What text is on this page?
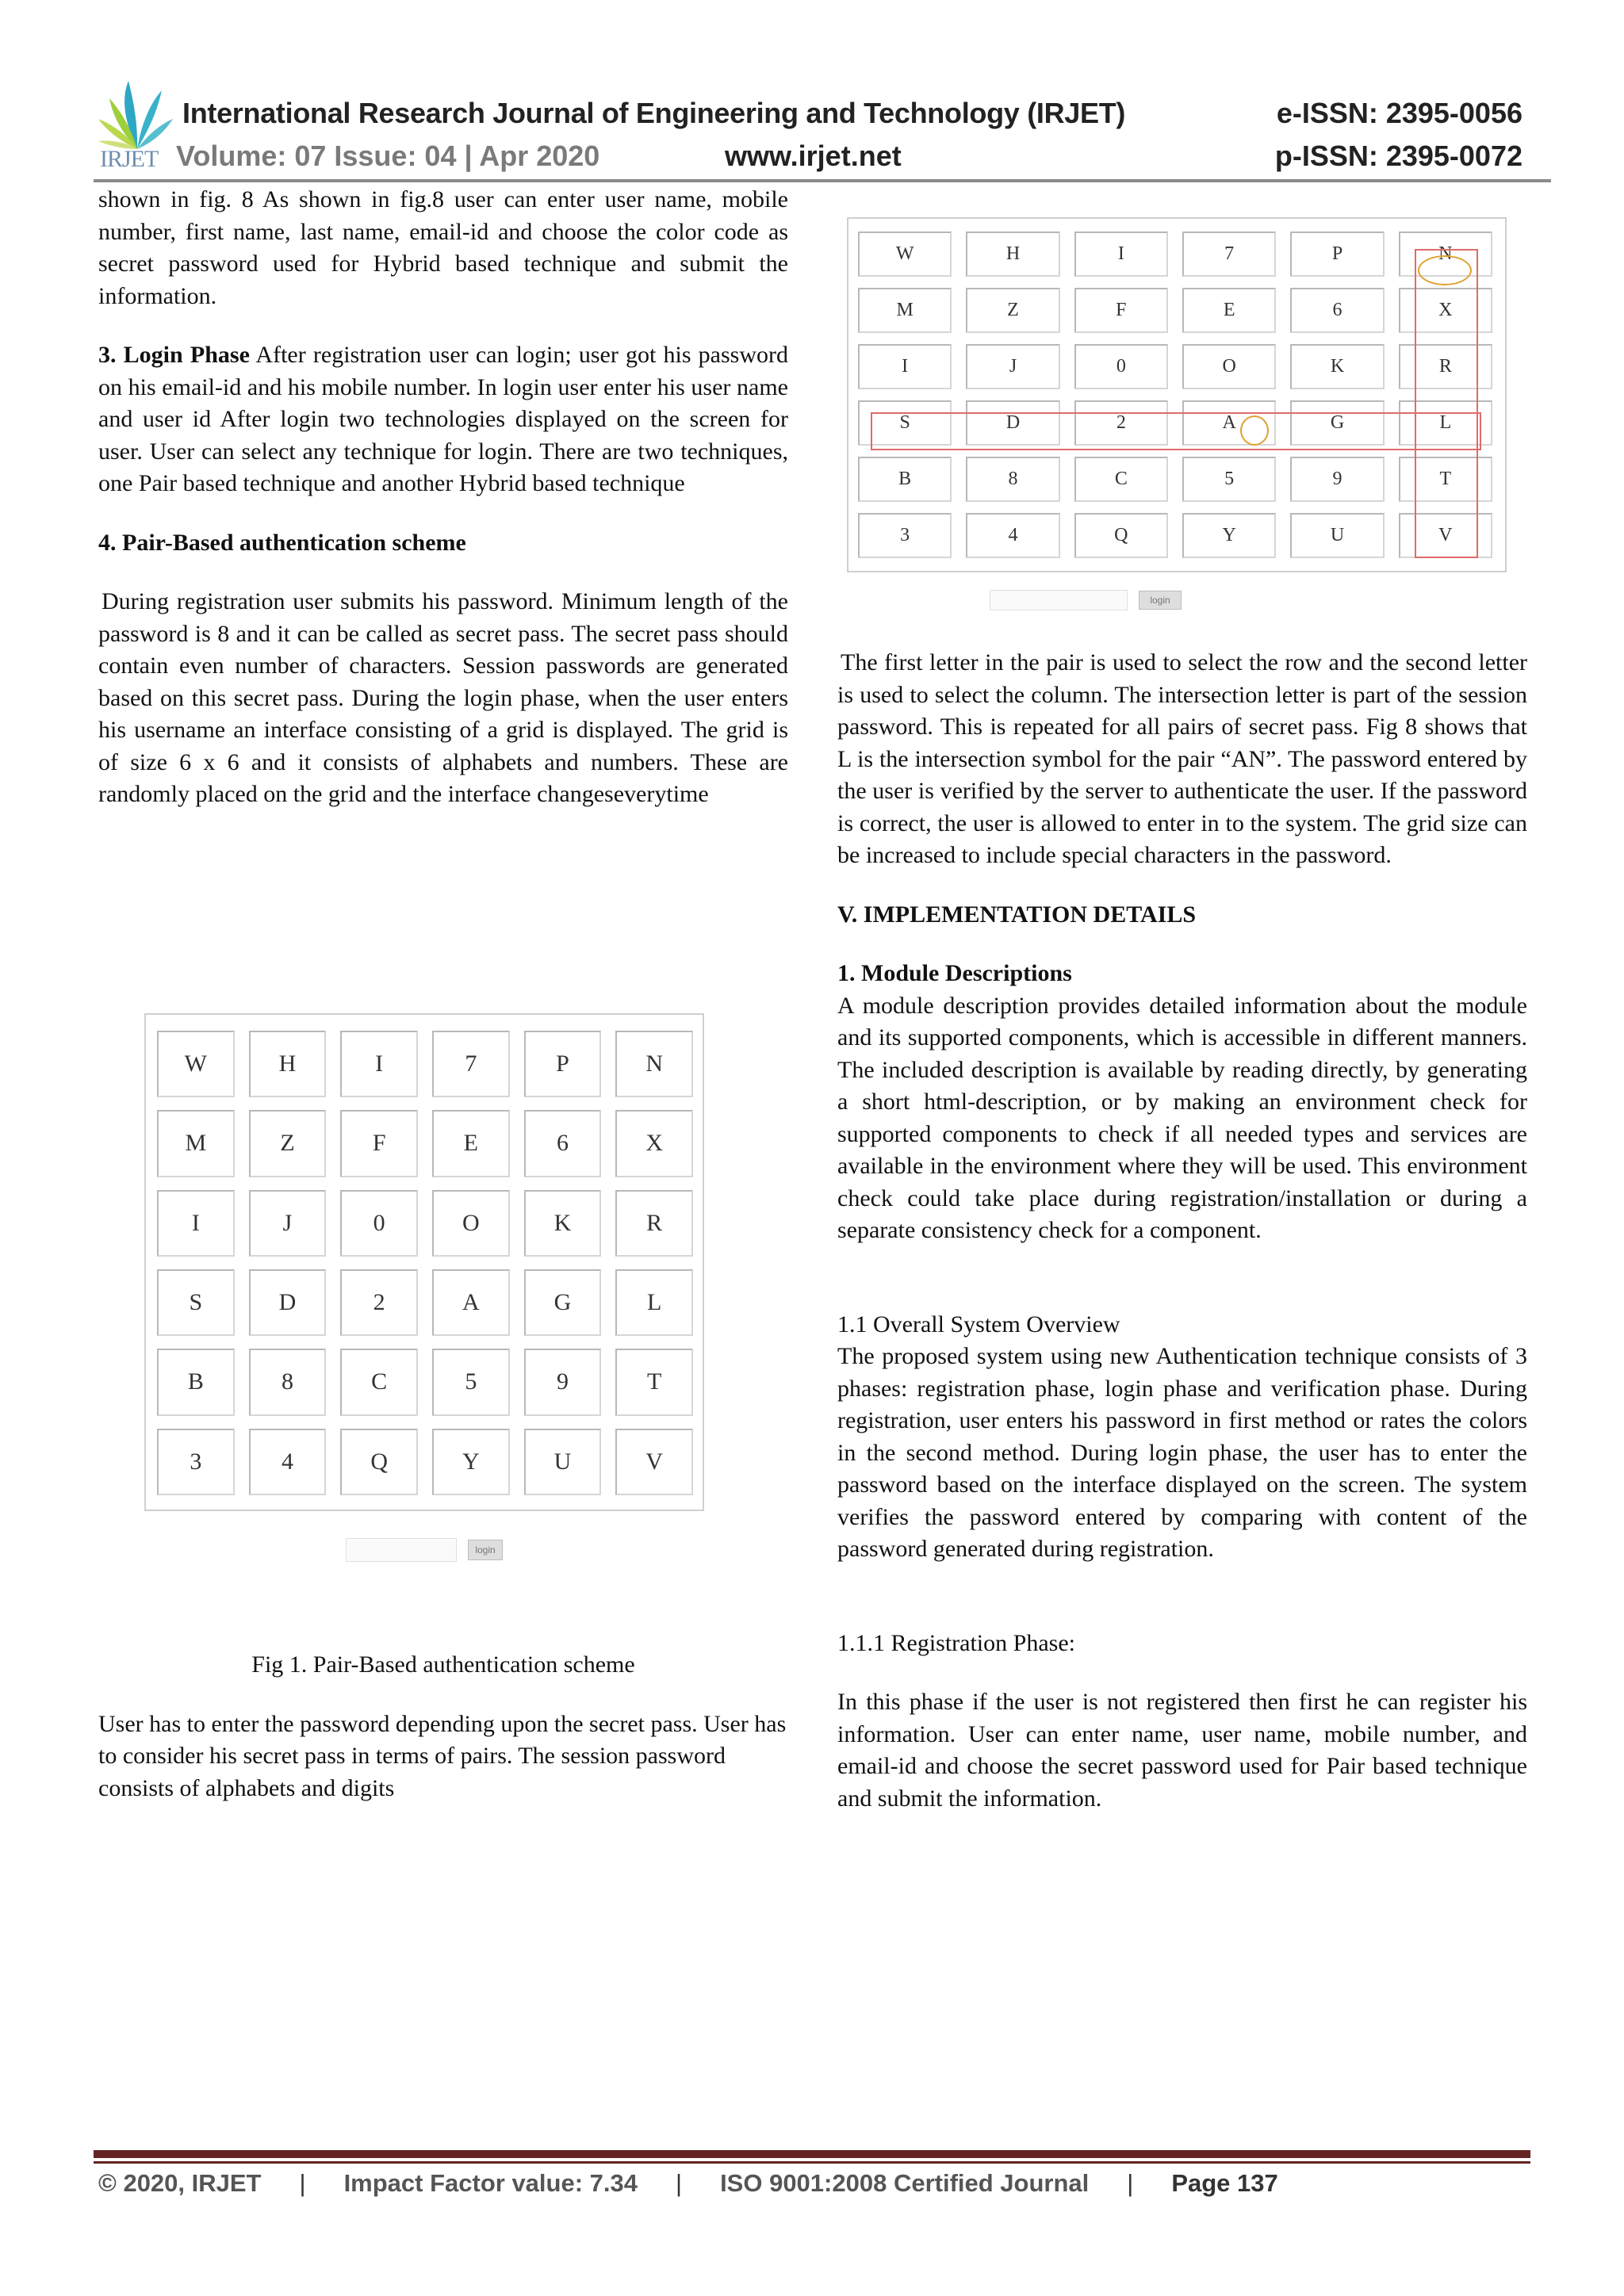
IRJET
International Research Journal of Engineering and Technology (IRJET)	e-ISSN: 2395-0056
Volume: 07 Issue: 04 | Apr 2020	www.irjet.net	p-ISSN: 2395-0072

shown in fig. 8 As shown in fig.8 user can enter user name, mobile number, first name, last name, email-id and choose the color code as secret password used for Hybrid based technique and submit the information.

3. Login Phase After registration user can login; user got his password on his email-id and his mobile number. In login user enter his user name and user id After login two technologies displayed on the screen for user. User can select any technique for login. There are two techniques, one Pair based technique and another Hybrid based technique

4. Pair-Based authentication scheme

During registration user submits his password. Minimum length of the password is 8 and it can be called as secret pass. The secret pass should contain even number of characters. Session passwords are generated based on this secret pass. During the login phase, when the user enters his username an interface consisting of a grid is displayed. The grid is of size 6 x 6 and it consists of alphabets and numbers. These are randomly placed on the grid and the interface changeseverytime

W	H	I	7	P	N
M	Z	F	E	6	X
I	J	0	O	K	R
S	D	2	A	G	L
B	8	C	5	9	T
3	4	Q	Y	U	V
login

Fig 1. Pair-Based authentication scheme

User has to enter the password depending upon the secret pass. User has to consider his secret pass in terms of pairs. The session password consists of alphabets and digits

W	H	I	7	P	N
M	Z	F	E	6	X
I	J	0	O	K	R
S	D	2	A	G	L
B	8	C	5	9	T
3	4	Q	Y	U	V
login

The first letter in the pair is used to select the row and the second letter is used to select the column. The intersection letter is part of the session password. This is repeated for all pairs of secret pass. Fig 8 shows that L is the intersection symbol for the pair “AN”. The password entered by the user is verified by the server to authenticate the user. If the password is correct, the user is allowed to enter in to the system. The grid size can be increased to include special characters in the password.

V. IMPLEMENTATION DETAILS
1. Module Descriptions

A module description provides detailed information about the module and its supported components, which is accessible in different manners. The included description is available by reading directly, by generating a short html-description, or by making an environment check for supported components to check if all needed types and services are available in the environment where they will be used. This environment check could take place during registration/installation or during a separate consistency check for a component.

1.1 Overall System Overview

The proposed system using new Authentication technique consists of 3 phases: registration phase, login phase and verification phase. During registration, user enters his password in first method or rates the colors in the second method. During login phase, the user has to enter the password based on the interface displayed on the screen. The system verifies the password entered by comparing with content of the password generated during registration.

1.1.1 Registration Phase:

In this phase if the user is not registered then first he can register his information. User can enter name, user name, mobile number, and email-id and choose the secret password used for Pair based technique and submit the information.

© 2020, IRJET | Impact Factor value: 7.34 | ISO 9001:2008 Certified Journal | Page 137
